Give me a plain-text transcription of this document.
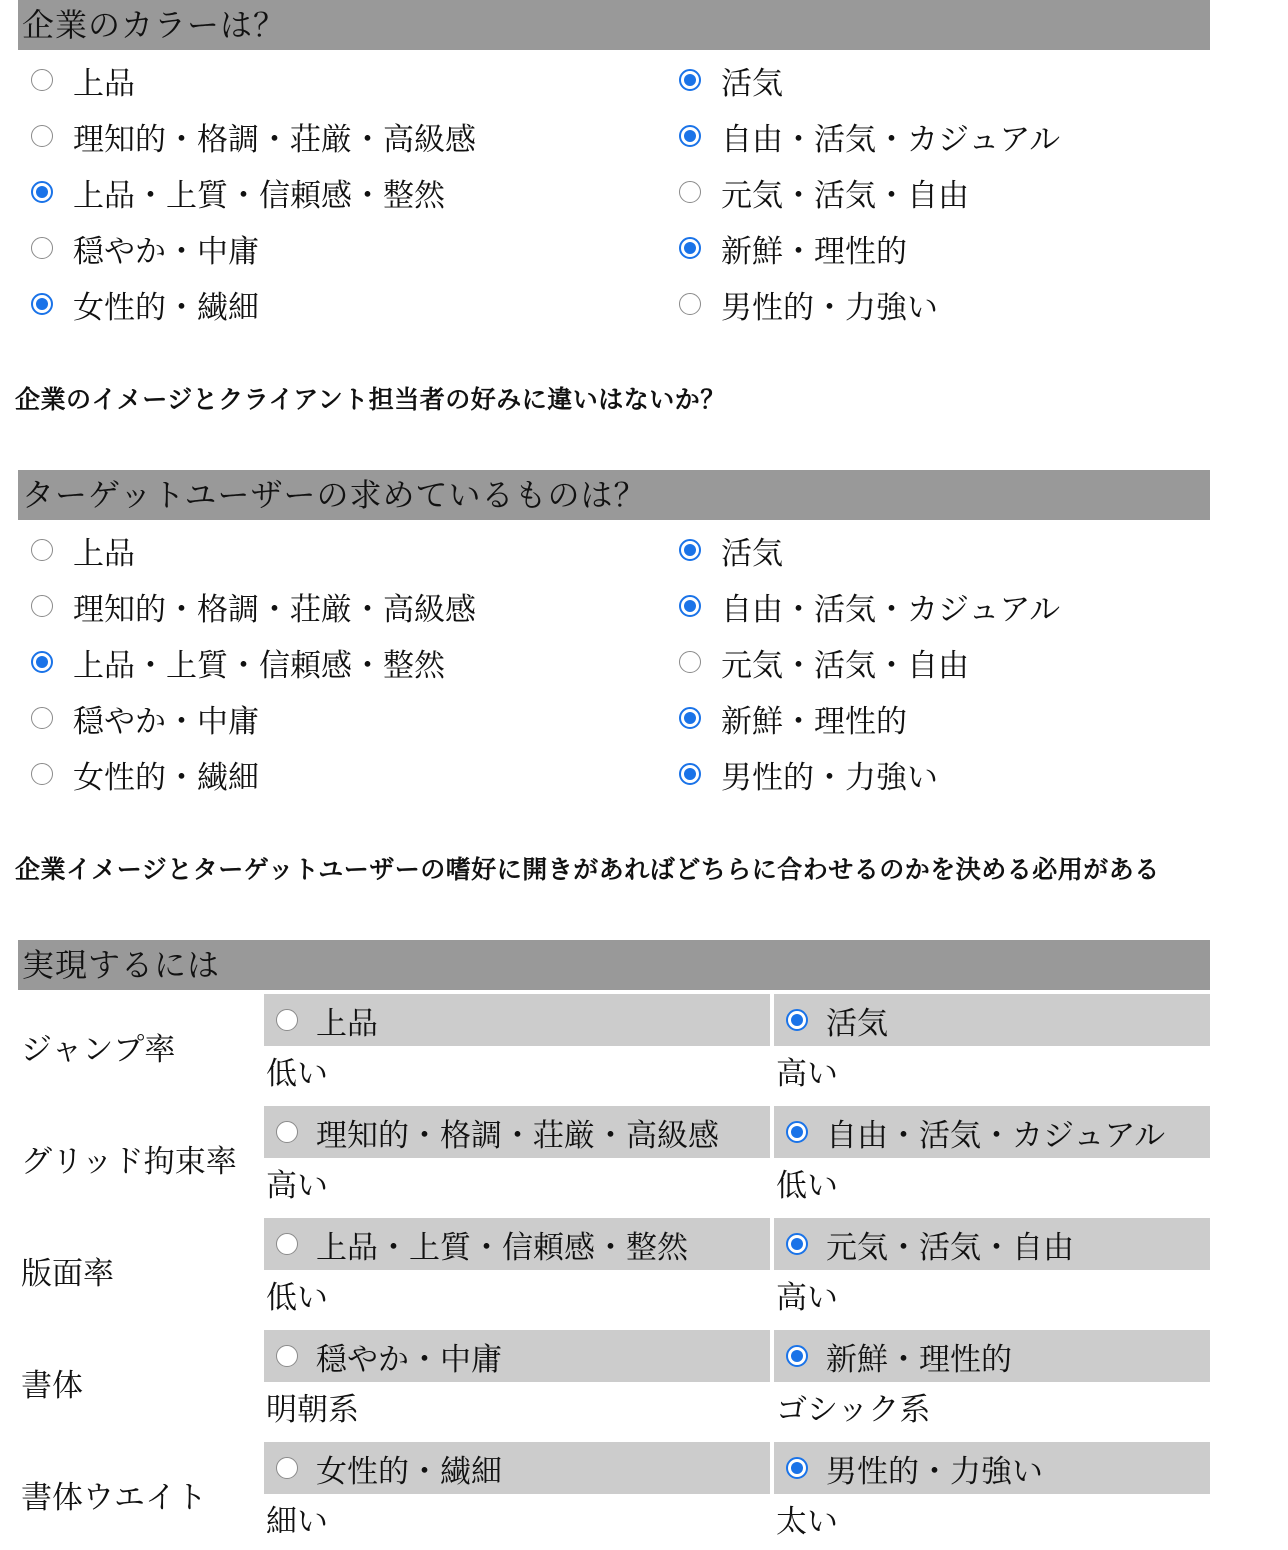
企業のカラーは？
上品
理知的・格調・荘厳・高級感
上品・上質・信頼感・整然
穏やか・中庸
女性的・繊細
活気
自由・活気・カジュアル
元気・活気・自由
新鮮・理性的
男性的・力強い
企業のイメージとクライアント担当者の好みに違いはないか？
ターゲットユーザーの求めているものは？
上品
理知的・格調・荘厳・高級感
上品・上質・信頼感・整然
穏やか・中庸
女性的・繊細
活気
自由・活気・カジュアル
元気・活気・自由
新鮮・理性的
男性的・力強い
企業イメージとターゲットユーザーの嗜好に開きがあればどちらに合わせるのかを決める必用がある
実現するには
ジャンプ率
上品
低い
活気
高い
グリッド拘束率
理知的・格調・荘厳・高級感
高い
自由・活気・カジュアル
低い
版面率
上品・上質・信頼感・整然
低い
元気・活気・自由
高い
書体
穏やか・中庸
明朝系
新鮮・理性的
ゴシック系
書体ウエイト
女性的・繊細
細い
男性的・力強い
太い
